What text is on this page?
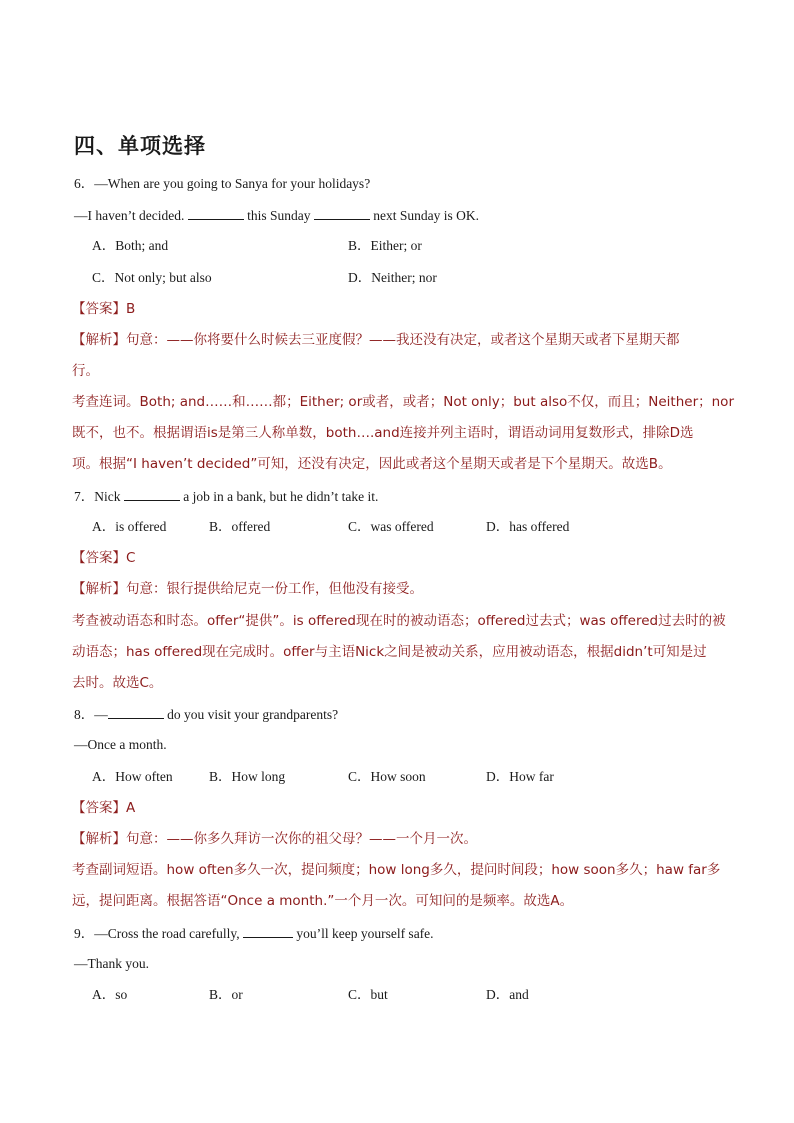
四、单项选择
6．—When are you going to Sanya for your holidays?
—I haven’t decided.	this Sunday	next Sunday is OK.
A．Both; and	B．Either; or
C．Not only; but also	D．Neither; nor
【答案】B
【解析】句意：——你将要什么时候去三亚度假？——我还没有决定，或者这个星期天或者下星期天都
行。
考查连词。Both; and……和……都；Either; or或者，或者；Not only；but also不仅，而且；Neither；nor
既不，也不。根据谓语is是第三人称单数，both….and连接并列主语时，谓语动词用复数形式，排除D选
项。根据“I haven’t decided”可知，还没有决定，因此或者这个星期天或者是下个星期天。故选B。
7．Nick	a job in a bank, but he didn’t take it.
A．is offered	B．offered	C．was offered	D．has offered
【答案】C
【解析】句意：银行提供给尼克一份工作，但他没有接受。
考查被动语态和时态。offer“提供”。is offered现在时的被动语态；offered过去式；was offered过去时的被
动语态；has offered现在完成时。offer与主语Nick之间是被动关系，应用被动语态，根据didn’t可知是过
去时。故选C。
8．—	do you visit your grandparents?
—Once a month.
A．How often	B．How long	C．How soon	D．How far
【答案】A
【解析】句意：——你多久拜访一次你的祖父母？——一个月一次。
考查副词短语。how often多久一次，提问频度；how long多久，提问时间段；how soon多久；haw far多
远，提问距离。根据答语“Once a month.”一个月一次。可知问的是频率。故选A。
9．—Cross the road carefully,	you’ll keep yourself safe.
—Thank you.
A．so	B．or	C．but	D．and
